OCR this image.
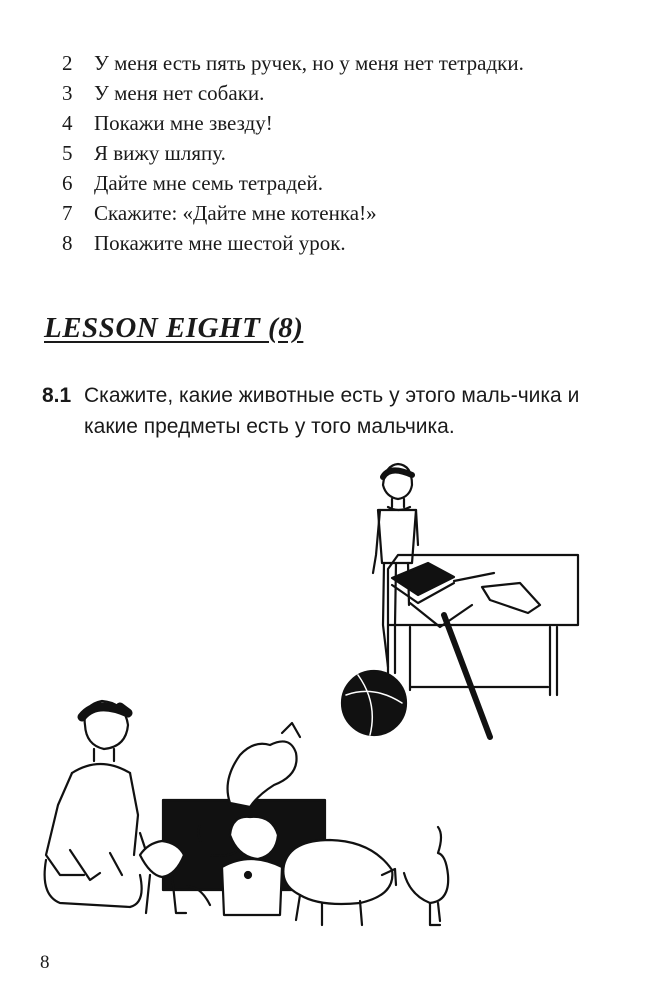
2 У меня есть пять ручек, но у меня нет тетрадки.
3 У меня нет собаки.
4 Покажи мне звезду!
5 Я вижу шляпу.
6 Дайте мне семь тетрадей.
7 Скажите: «Дайте мне котенка!»
8 Покажите мне шестой урок.
LESSON EIGHT (8)
8.1 Скажите, какие животные есть у этого маль-чика и какие предметы есть у того мальчика.
8
